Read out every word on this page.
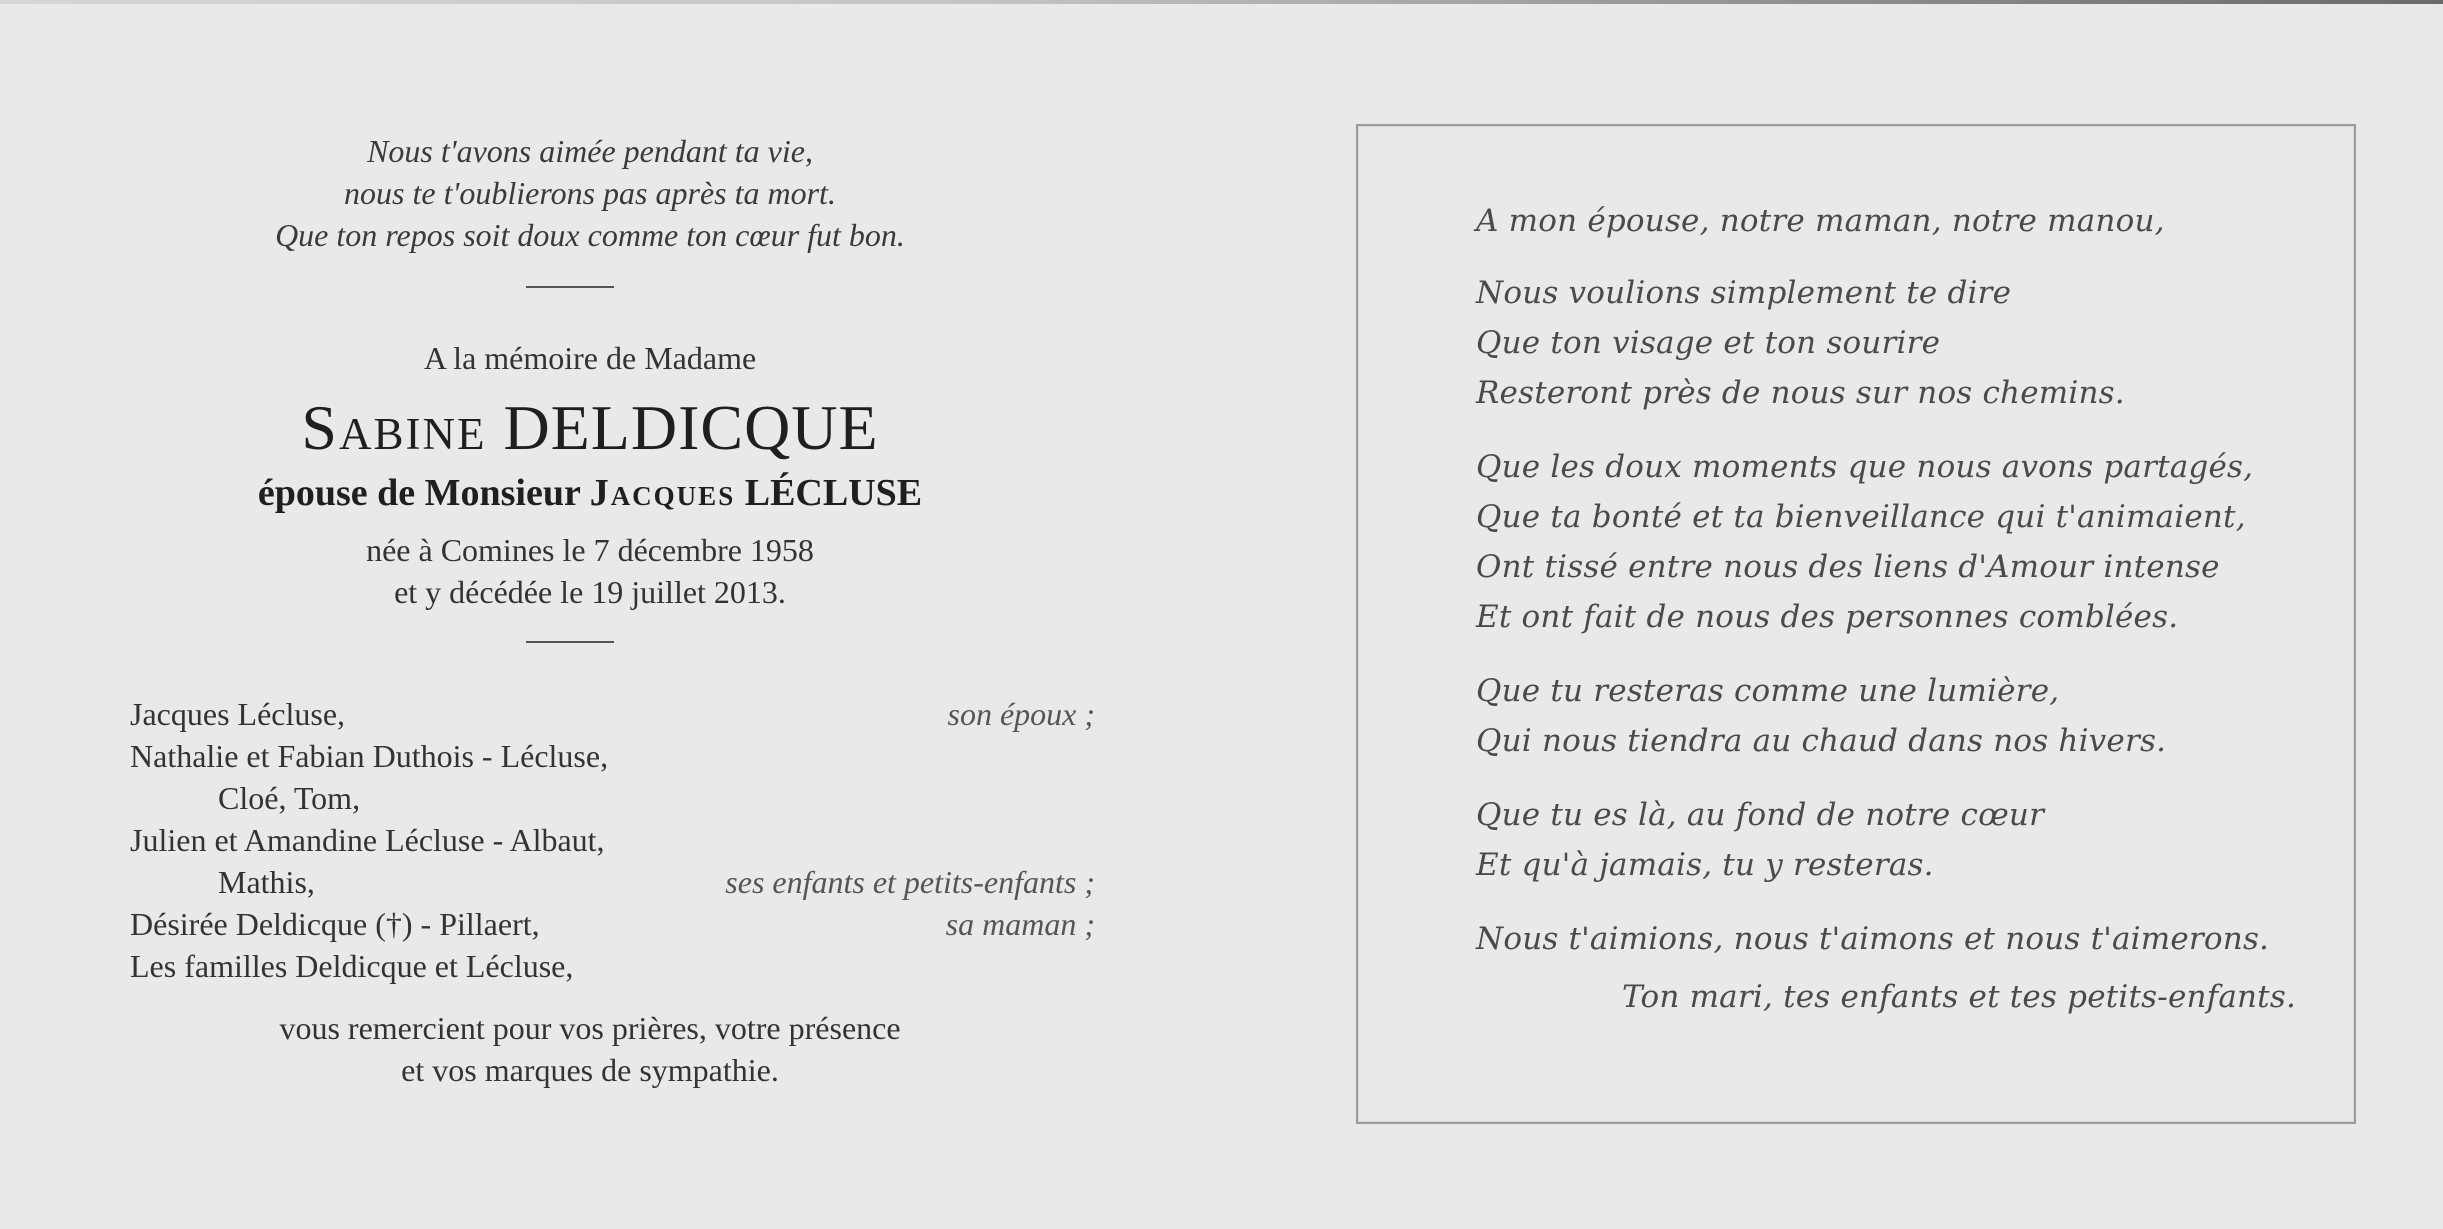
Nous t'avons aimée pendant ta vie,
nous te t'oublierons pas après ta mort.
Que ton repos soit doux comme ton cœur fut bon.
A la mémoire de Madame
Sabine DELDICQUE
épouse de Monsieur Jacques LÉCLUSE
née à Comines le 7 décembre 1958
et y décédée le 19 juillet 2013.
Jacques Lécluse,	son époux ;
Nathalie et Fabian Duthois - Lécluse,
Cloé, Tom,
Julien et Amandine Lécluse - Albaut,
Mathis,	ses enfants et petits-enfants ;
Désirée Deldicque (†) - Pillaert,	sa maman ;
Les familles Deldicque et Lécluse,
vous remercient pour vos prières, votre présence
et vos marques de sympathie.
A mon épouse, notre maman, notre manou,
Nous voulions simplement te dire
Que ton visage et ton sourire
Resteront près de nous sur nos chemins.
Que les doux moments que nous avons partagés,
Que ta bonté et ta bienveillance qui t'animaient,
Ont tissé entre nous des liens d'Amour intense
Et ont fait de nous des personnes comblées.
Que tu resteras comme une lumière,
Qui nous tiendra au chaud dans nos hivers.
Que tu es là, au fond de notre cœur
Et qu'à jamais, tu y resteras.
Nous t'aimions, nous t'aimons et nous t'aimerons.
Ton mari, tes enfants et tes petits-enfants.
